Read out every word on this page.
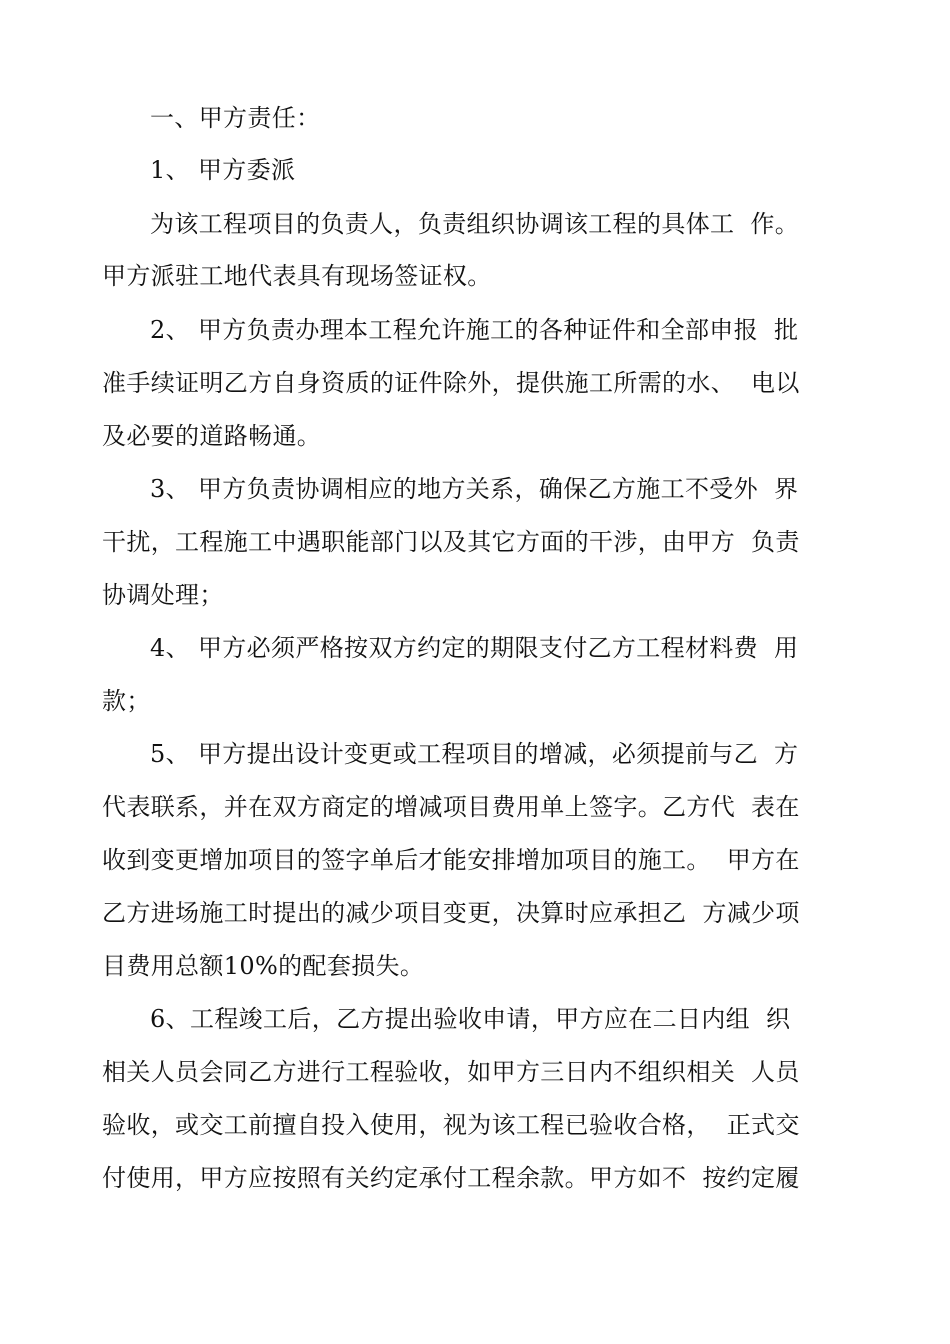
一、甲方责任：
1、 甲方委派
为该工程项目的负责人，负责组织协调该工程的具体工  作。
甲方派驻工地代表具有现场签证权。
2、 甲方负责办理本工程允许施工的各种证件和全部申报  批
准手续证明乙方自身资质的证件除外，提供施工所需的水、  电以
及必要的道路畅通。
3、 甲方负责协调相应的地方关系，确保乙方施工不受外  界
干扰，工程施工中遇职能部门以及其它方面的干涉，由甲方  负责
协调处理；
4、 甲方必须严格按双方约定的期限支付乙方工程材料费  用
款；
5、 甲方提出设计变更或工程项目的增减，必须提前与乙  方
代表联系，并在双方商定的增减项目费用单上签字。乙方代  表在
收到变更增加项目的签字单后才能安排增加项目的施工。  甲方在
乙方进场施工时提出的减少项目变更，决算时应承担乙  方减少项
目费用总额10%的配套损失。
6、工程竣工后，乙方提出验收申请，甲方应在二日内组  织
相关人员会同乙方进行工程验收，如甲方三日内不组织相关  人员
验收，或交工前擅自投入使用，视为该工程已验收合格，  正式交
付使用，甲方应按照有关约定承付工程余款。甲方如不  按约定履
